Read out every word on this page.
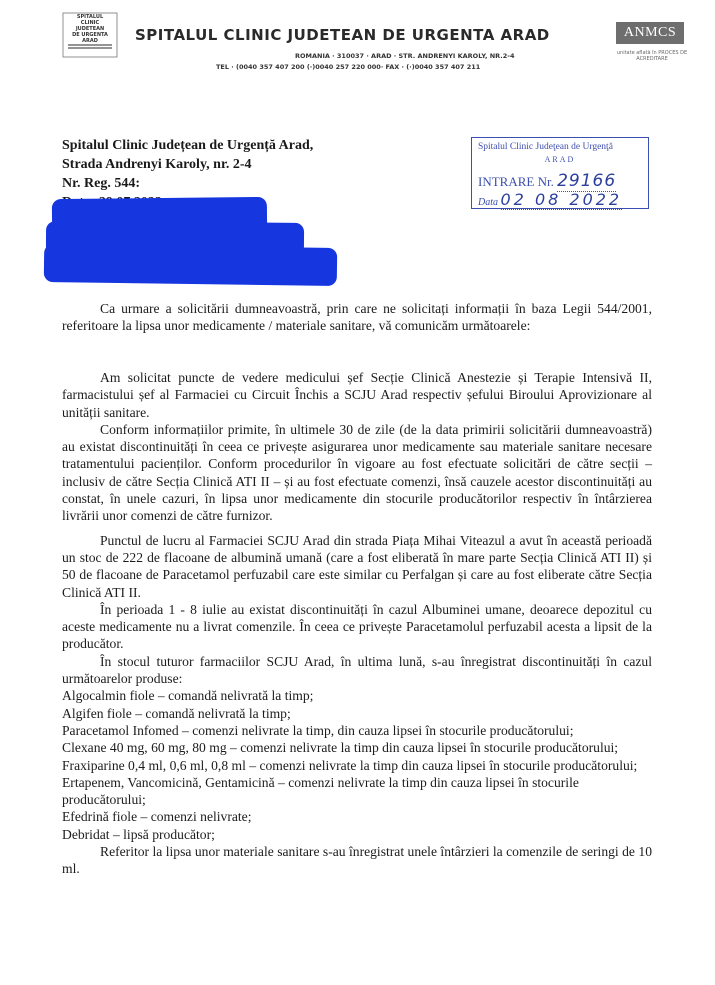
SPITALUL
CLINIC
JUDETEAN
DE URGENTA
ARAD	SPITALUL CLINIC JUDETEAN DE URGENTA ARAD
ROMANIA · 310037 · ARAD · STR. ANDRENYI KAROLY, NR.2-4
TEL · (0040 357 407 200 (·)0040 257 220 000· FAX · (·)0040 357 407 211
ANMCS
unitate aflată în PROCES DE ACREDITARE
Spitalul Clinic Județean de Urgență Arad,
Strada Andrenyi Karoly, nr. 2-4
Nr. Reg. 544:
Spitalul Clinic Judeţean de Urgenţă
ARAD
INTRARE Nr. 29166
Data 02 08 2022

Ca urmare a solicitării dumneavoastră, prin care ne solicitați informații în baza Legii 544/2001, referitoare la lipsa unor medicamente / materiale sanitare, vă comunicăm următoarele:

Am solicitat puncte de vedere medicului șef Secție Clinică Anestezie și Terapie Intensivă II, farmacistului șef al Farmaciei cu Circuit Închis a SCJU Arad respectiv șefului Biroului Aprovizionare al unității sanitare.

Conform informațiilor primite, în ultimele 30 de zile (de la data primirii solicitării dumneavoastră) au existat discontinuități în ceea ce privește asigurarea unor medicamente sau materiale sanitare necesare tratamentului pacienților. Conform procedurilor în vigoare au fost efectuate solicitări de către secții – inclusiv de către Secția Clinică ATI II – și au fost efectuate comenzi, însă cauzele acestor discontinuități au constat, în unele cazuri, în lipsa unor medicamente din stocurile producătorilor respectiv în întârzierea livrării unor comenzi de către furnizor.

Punctul de lucru al Farmaciei SCJU Arad din strada Piața Mihai Viteazul a avut în această perioadă un stoc de 222 de flacoane de albumină umană (care a fost eliberată în mare parte Secția Clinică ATI II) și 50 de flacoane de Paracetamol perfuzabil care este similar cu Perfalgan și care au fost eliberate către Secția Clinică ATI II.

În perioada 1 - 8 iulie au existat discontinuități în cazul Albuminei umane, deoarece depozitul cu aceste medicamente nu a livrat comenzile. În ceea ce privește Paracetamolul perfuzabil acesta a lipsit de la producător.

În stocul tuturor farmaciilor SCJU Arad, în ultima lună, s-au înregistrat discontinuități în cazul următoarelor produse:

Algocalmin fiole – comandă nelivrată la timp;

Algifen fiole – comandă nelivrată la timp;

Paracetamol Infomed – comenzi nelivrate la timp, din cauza lipsei în stocurile producătorului;

Clexane 40 mg, 60 mg, 80 mg – comenzi nelivrate la timp din cauza lipsei în stocurile producătorului;

Fraxiparine 0,4 ml, 0,6 ml, 0,8 ml – comenzi nelivrate la timp din cauza lipsei în stocurile producătorului;

Ertapenem, Vancomicină, Gentamicină – comenzi nelivrate la timp din cauza lipsei în stocurile producătorului;

Efedrină fiole – comenzi nelivrate;

Debridat – lipsă producător;

Referitor la lipsa unor materiale sanitare s-au înregistrat unele întârzieri la comenzile de seringi de 10 ml.
